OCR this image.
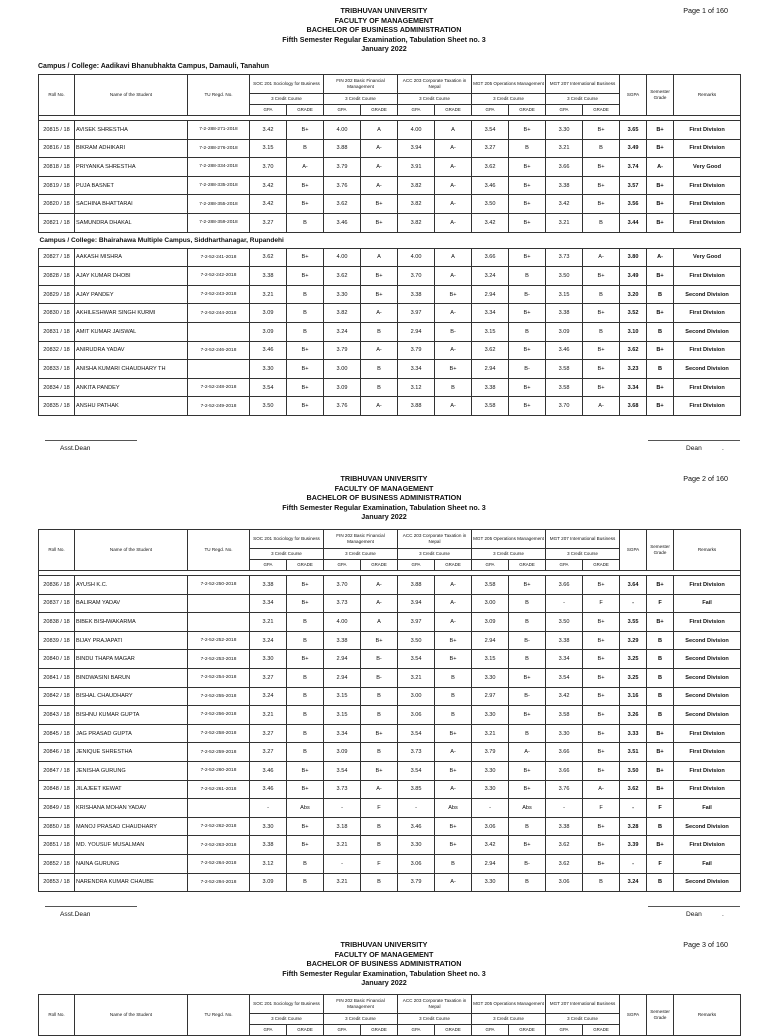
TRIBHUVAN UNIVERSITY
FACULTY OF MANAGEMENT
BACHELOR OF BUSINESS ADMINISTRATION
Fifth Semester Regular Examination, Tabulation Sheet no. 3
January 2022
Page 1 of 160
Campus / College: Aadikavi Bhanubhakta Campus, Damauli, Tanahun
Roll No.	Name of the Student	TU Regd. No.	SOC 201 Sociology for Business		FIN 202 Basic Financial Management		ACC 203 Corporate Taxation in Nepal		MGT 205 Operations Management		MGT 207 International Business		SGPA	Semester Grade	Remarks
			3 Credit Course		3 Credit Course		3 Credit Course		3 Credit Course		3 Credit Course				
			GPA	GRADE	GPA	GRADE	GPA	GRADE	GPA	GRADE	GPA	GRADE			

20815 / 18	AVISEK SHRESTHA	7-2-288-271-2018	3.42	B+	4.00	A	4.00	A	3.54	B+	3.30	B+	3.65	B+	First Division
20816 / 18	BIKRAM ADHIKARI	7-2-288-276-2018	3.15	B	3.88	A-	3.94	A-	3.27	B	3.21	B	3.49	B+	First Division
20818 / 18	PRIYANKA SHRESTHA	7-2-288-334-2018	3.70	A-	3.79	A-	3.91	A-	3.62	B+	3.66	B+	3.74	A-	Very Good
20819 / 18	PUJA BASNET	7-2-288-335-2018	3.42	B+	3.76	A-	3.82	A-	3.46	B+	3.38	B+	3.57	B+	First Division
20820 / 18	SACHINA BHATTARAI	7-2-288-355-2018	3.42	B+	3.62	B+	3.82	A-	3.50	B+	3.42	B+	3.56	B+	First Division
20821 / 18	SAMUNDRA DHAKAL	7-2-288-359-2018	3.27	B	3.46	B+	3.82	A-	3.42	B+	3.21	B	3.44	B+	First Division
Campus / College: Bhairahawa Multiple Campus, Siddharthanagar, Rupandehi															
20827 / 18	AAKASH MISHRA	7-2-52-241-2018	3.62	B+	4.00	A	4.00	A	3.66	B+	3.73	A-	3.80	A-	Very Good
20828 / 18	AJAY KUMAR DHOBI	7-2-52-242-2018	3.38	B+	3.62	B+	3.70	A-	3.24	B	3.50	B+	3.49	B+	First Division
20829 / 18	AJAY PANDEY	7-2-52-243-2018	3.21	B	3.30	B+	3.38	B+	2.94	B-	3.15	B	3.20	B	Second Division
20830 / 18	AKHILESHWAR SINGH KURMI	7-2-52-244-2018	3.09	B	3.82	A-	3.97	A-	3.34	B+	3.38	B+	3.52	B+	First Division
20831 / 18	AMIT KUMAR JAISWAL		3.09	B	3.24	B	2.94	B-	3.15	B	3.09	B	3.10	B	Second Division
20832 / 18	ANIRUDRA YADAV	7-2-52-246-2018	3.46	B+	3.79	A-	3.79	A-	3.62	B+	3.46	B+	3.62	B+	First Division
20833 / 18	ANISHA KUMARI CHAUDHARY TH		3.30	B+	3.00	B	3.34	B+	2.94	B-	3.58	B+	3.23	B	Second Division
20834 / 18	ANKITA PANDEY	7-2-52-248-2018	3.54	B+	3.09	B	3.12	B	3.38	B+	3.58	B+	3.34	B+	First Division
20835 / 18	ANSHU PATHAK	7-2-52-249-2018	3.50	B+	3.76	A-	3.88	A-	3.58	B+	3.70	A-	3.68	B+	First Division
Asst.Dean	Dean	.
TRIBHUVAN UNIVERSITY
FACULTY OF MANAGEMENT
BACHELOR OF BUSINESS ADMINISTRATION
Fifth Semester Regular Examination, Tabulation Sheet no. 3
January 2022
Page 2 of 160
Roll No.	Name of the Student	TU Regd. No.	SOC 201 Sociology for Business		FIN 202 Basic Financial Management		ACC 203 Corporate Taxation in Nepal		MGT 205 Operations Management		MGT 207 International Business		SGPA	Semester Grade	Remarks
			3 Credit Course		3 Credit Course		3 Credit Course		3 Credit Course		3 Credit Course				
			GPA	GRADE	GPA	GRADE	GPA	GRADE	GPA	GRADE	GPA	GRADE			

20836 / 18	AYUSH K.C.	7-2-52-250-2018	3.38	B+	3.70	A-	3.88	A-	3.58	B+	3.66	B+	3.64	B+	First Division
20837 / 18	BALIRAM YADAV		3.34	B+	3.73	A-	3.94	A-	3.00	B	-	F	-	F	Fail
20838 / 18	BIBEK BISHWAKARMA		3.21	B	4.00	A	3.97	A-	3.09	B	3.50	B+	3.55	B+	First Division
20839 / 18	BIJAY PRAJAPATI	7-2-52-252-2018	3.24	B	3.38	B+	3.50	B+	2.94	B-	3.38	B+	3.29	B	Second Division
20840 / 18	BINDU THAPA MAGAR	7-2-52-253-2018	3.30	B+	2.94	B-	3.54	B+	3.15	B	3.34	B+	3.25	B	Second Division
20841 / 18	BINDWASINI BARUN	7-2-52-254-2018	3.27	B	2.94	B-	3.21	B	3.30	B+	3.54	B+	3.25	B	Second Division
20842 / 18	BISHAL CHAUDHARY	7-2-52-255-2018	3.24	B	3.15	B	3.00	B	2.97	B-	3.42	B+	3.16	B	Second Division
20843 / 18	BISHNU KUMAR GUPTA	7-2-52-256-2018	3.21	B	3.15	B	3.06	B	3.30	B+	3.58	B+	3.26	B	Second Division
20845 / 18	JAG PRASAD GUPTA	7-2-52-258-2018	3.27	B	3.34	B+	3.54	B+	3.21	B	3.30	B+	3.33	B+	First Division
20846 / 18	JENIQUE SHRESTHA	7-2-52-259-2018	3.27	B	3.09	B	3.73	A-	3.79	A-	3.66	B+	3.51	B+	First Division
20847 / 18	JENISHA GURUNG	7-2-52-260-2018	3.46	B+	3.54	B+	3.54	B+	3.30	B+	3.66	B+	3.50	B+	First Division
20848 / 18	JILAJEET KEWAT	7-2-52-261-2018	3.46	B+	3.73	A-	3.85	A-	3.30	B+	3.76	A-	3.62	B+	First Division
20849 / 18	KRISHANA MOHAN YADAV		-	Abs	-	F	-	Abs	-	Abs	-	F	-	F	Fail
20850 / 18	MANOJ PRASAD CHAUDHARY	7-2-52-262-2018	3.30	B+	3.18	B	3.46	B+	3.06	B	3.38	B+	3.28	B	Second Division
20851 / 18	MD. YOUSUF MUSALMAN	7-2-52-263-2018	3.38	B+	3.21	B	3.30	B+	3.42	B+	3.62	B+	3.39	B+	First Division
20852 / 18	NAINA GURUNG	7-2-52-264-2018	3.12	B	-	F	3.06	B	2.94	B-	3.62	B+	-	F	Fail
20853 / 18	NARENDRA KUMAR CHAUBE	7-2-52-294-2018	3.09	B	3.21	B	3.79	A-	3.30	B	3.06	B	3.24	B	Second Division
Asst.Dean	Dean	.
TRIBHUVAN UNIVERSITY
FACULTY OF MANAGEMENT
BACHELOR OF BUSINESS ADMINISTRATION
Fifth Semester Regular Examination, Tabulation Sheet no. 3
January 2022
Page 3 of 160
Roll No.	Name of the Student	TU Regd. No.	SOC 201 Sociology for Business		FIN 202 Basic Financial Management		ACC 203 Corporate Taxation in Nepal		MGT 205 Operations Management		MGT 207 International Business		SGPA	Semester Grade	Remarks
			3 Credit Course		3 Credit Course		3 Credit Course		3 Credit Course		3 Credit Course				
			GPA	GRADE	GPA	GRADE	GPA	GRADE	GPA	GRADE	GPA	GRADE			
